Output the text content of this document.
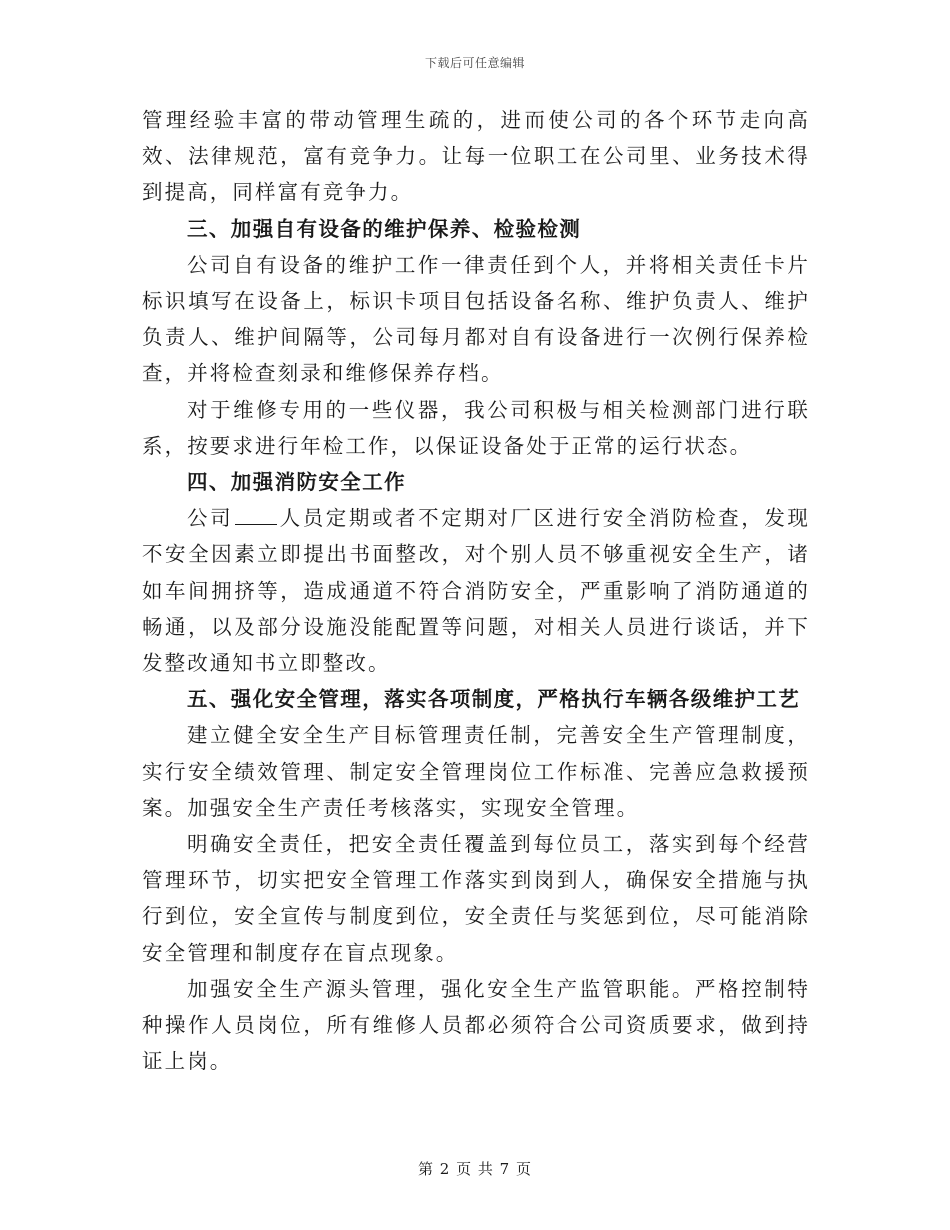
下载后可任意编辑

管理经验丰富的带动管理生疏的，进而使公司的各个环节走向高效、法律规范，富有竞争力。让每一位职工在公司里、业务技术得到提高，同样富有竞争力。

三、加强自有设备的维护保养、检验检测

公司自有设备的维护工作一律责任到个人，并将相关责任卡片标识填写在设备上，标识卡项目包括设备名称、维护负责人、维护负责人、维护间隔等，公司每月都对自有设备进行一次例行保养检查，并将检查刻录和维修保养存档。

对于维修专用的一些仪器，我公司积极与相关检测部门进行联系，按要求进行年检工作，以保证设备处于正常的运行状态。

四、加强消防安全工作

公司 人员定期或者不定期对厂区进行安全消防检查，发现不安全因素立即提出书面整改，对个别人员不够重视安全生产，诸如车间拥挤等，造成通道不符合消防安全，严重影响了消防通道的畅通，以及部分设施没能配置等问题，对相关人员进行谈话，并下发整改通知书立即整改。

五、强化安全管理，落实各项制度，严格执行车辆各级维护工艺

建立健全安全生产目标管理责任制，完善安全生产管理制度，实行安全绩效管理、制定安全管理岗位工作标准、完善应急救援预案。加强安全生产责任考核落实，实现安全管理。

明确安全责任，把安全责任覆盖到每位员工，落实到每个经营管理环节，切实把安全管理工作落实到岗到人，确保安全措施与执行到位，安全宣传与制度到位，安全责任与奖惩到位，尽可能消除安全管理和制度存在盲点现象。

加强安全生产源头管理，强化安全生产监管职能。严格控制特种操作人员岗位，所有维修人员都必须符合公司资质要求，做到持证上岗。

第 2 页 共 7 页
